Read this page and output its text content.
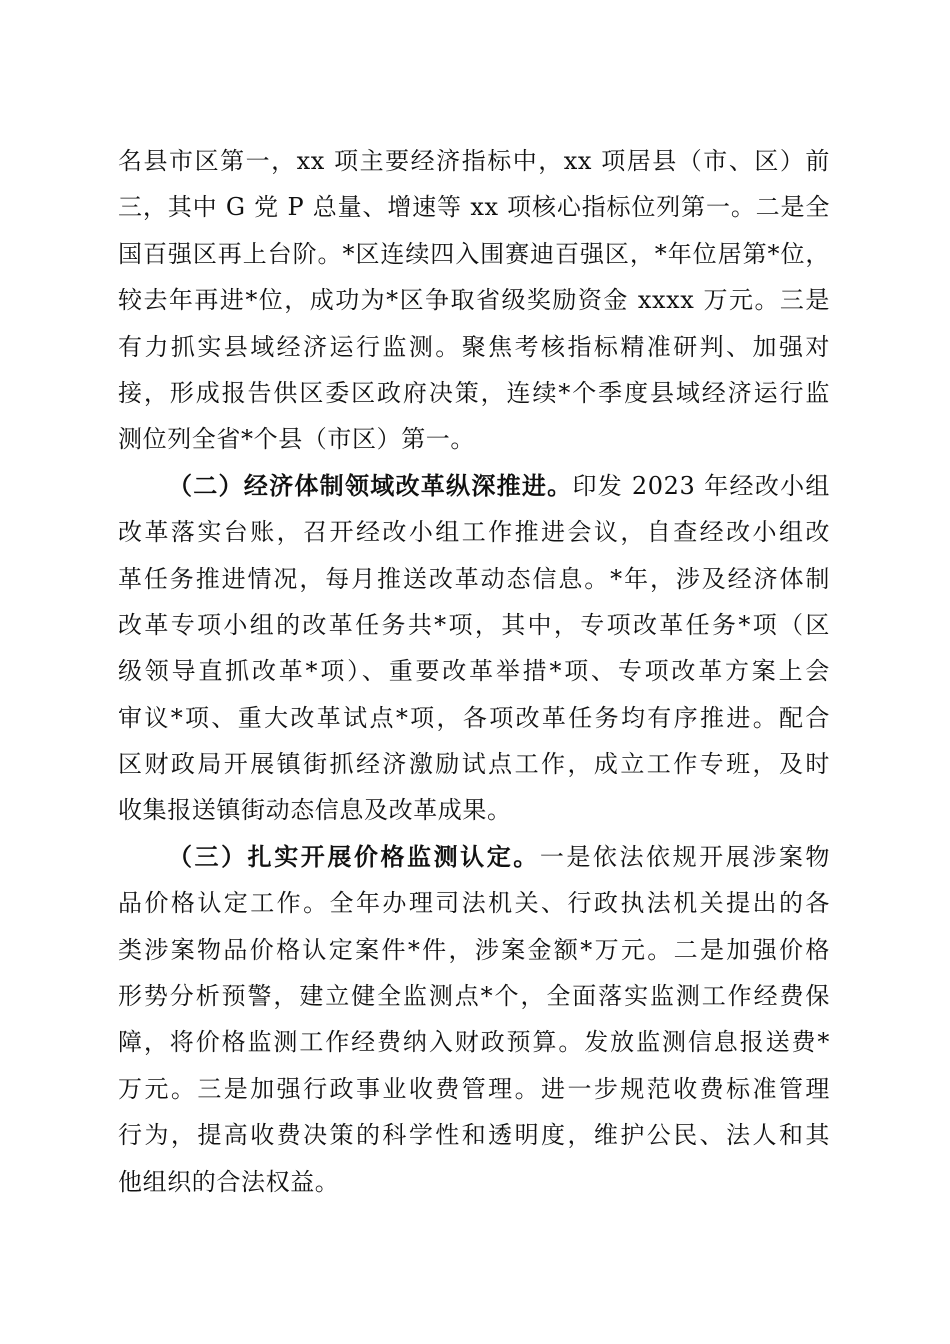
名县市区第一，xx 项主要经济指标中，xx 项居县（市、区）前
三，其中 G 党 P 总量、增速等 xx 项核心指标位列第一。二是全
国百强区再上台阶。*区连续四入围赛迪百强区，*年位居第*位，
较去年再进*位，成功为*区争取省级奖励资金 xxxx 万元。三是
有力抓实县域经济运行监测。聚焦考核指标精准研判、加强对
接，形成报告供区委区政府决策，连续*个季度县域经济运行监
测位列全省*个县（市区）第一。
（二）经济体制领域改革纵深推进。印发 2023 年经改小组
改革落实台账，召开经改小组工作推进会议，自查经改小组改
革任务推进情况，每月推送改革动态信息。*年，涉及经济体制
改革专项小组的改革任务共*项，其中，专项改革任务*项（区
级领导直抓改革*项）、重要改革举措*项、专项改革方案上会
审议*项、重大改革试点*项，各项改革任务均有序推进。配合
区财政局开展镇街抓经济激励试点工作，成立工作专班，及时
收集报送镇街动态信息及改革成果。
（三）扎实开展价格监测认定。一是依法依规开展涉案物
品价格认定工作。全年办理司法机关、行政执法机关提出的各
类涉案物品价格认定案件*件，涉案金额*万元。二是加强价格
形势分析预警，建立健全监测点*个，全面落实监测工作经费保
障，将价格监测工作经费纳入财政预算。发放监测信息报送费*
万元。三是加强行政事业收费管理。进一步规范收费标准管理
行为，提高收费决策的科学性和透明度，维护公民、法人和其
他组织的合法权益。
